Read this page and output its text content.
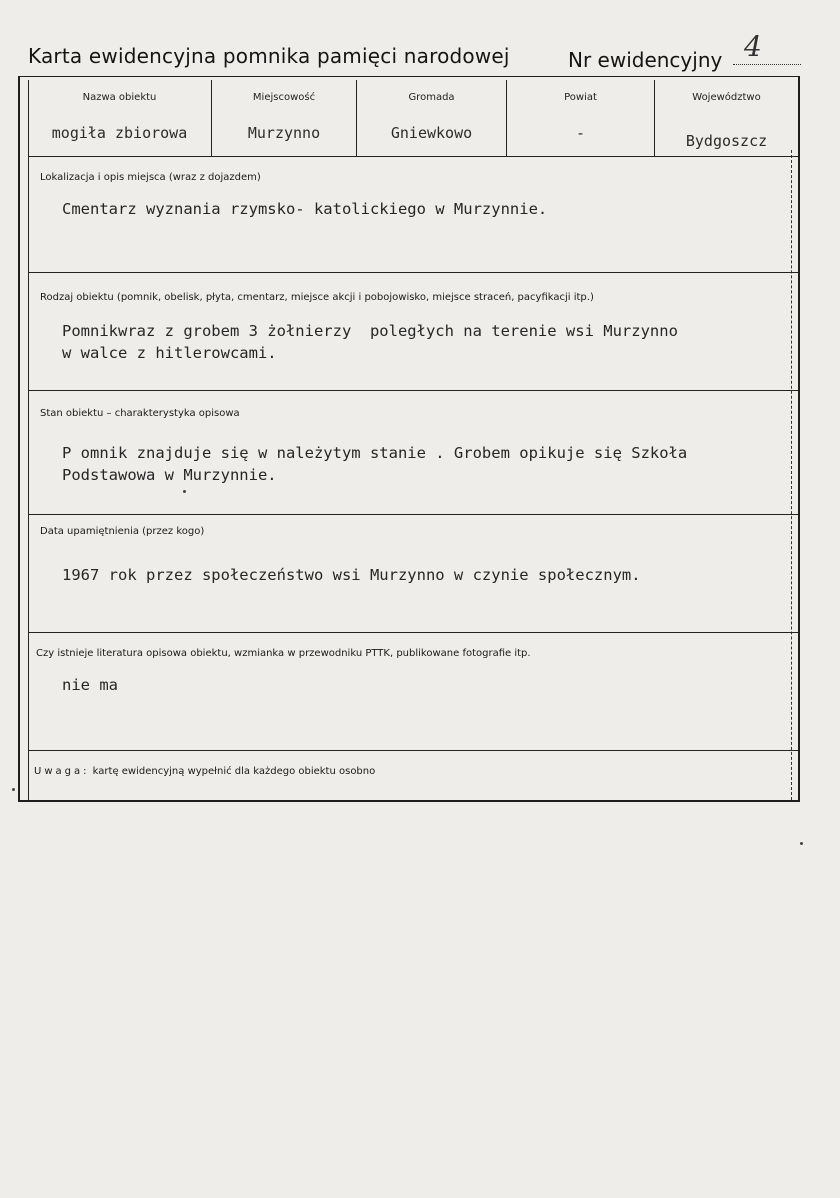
Karta ewidencyjna pomnika pamięci narodowej	Nr ewidencyjny 4
Nazwa obiektu
mogiła zbiorowa
Miejscowość
Murzynno
Gromada
Gniewkowo
Powiat
-
Województwo
Bydgoszcz
Lokalizacja i opis miejsca (wraz z dojazdem)
Cmentarz wyznania rzymsko- katolickiego w Murzynnie.
Rodzaj obiektu (pomnik, obelisk, płyta, cmentarz, miejsce akcji i pobojowisko, miejsce straceń, pacyfikacji itp.)
Pomnikwraz z grobem 3 żołnierzy  poległych na terenie wsi Murzynno
w walce z hitlerowcami.
Stan obiektu – charakterystyka opisowa
P omnik znajduje się w należytym stanie . Grobem opikuje się Szkoła
Podstawowa w Murzynnie.
Data upamiętnienia (przez kogo)
1967 rok przez społeczeństwo wsi Murzynno w czynie społecznym.
Czy istnieje literatura opisowa obiektu, wzmianka w przewodniku PTTK, publikowane fotografie itp.
nie ma
Uwaga: kartę ewidencyjną wypełnić dla każdego obiektu osobno
